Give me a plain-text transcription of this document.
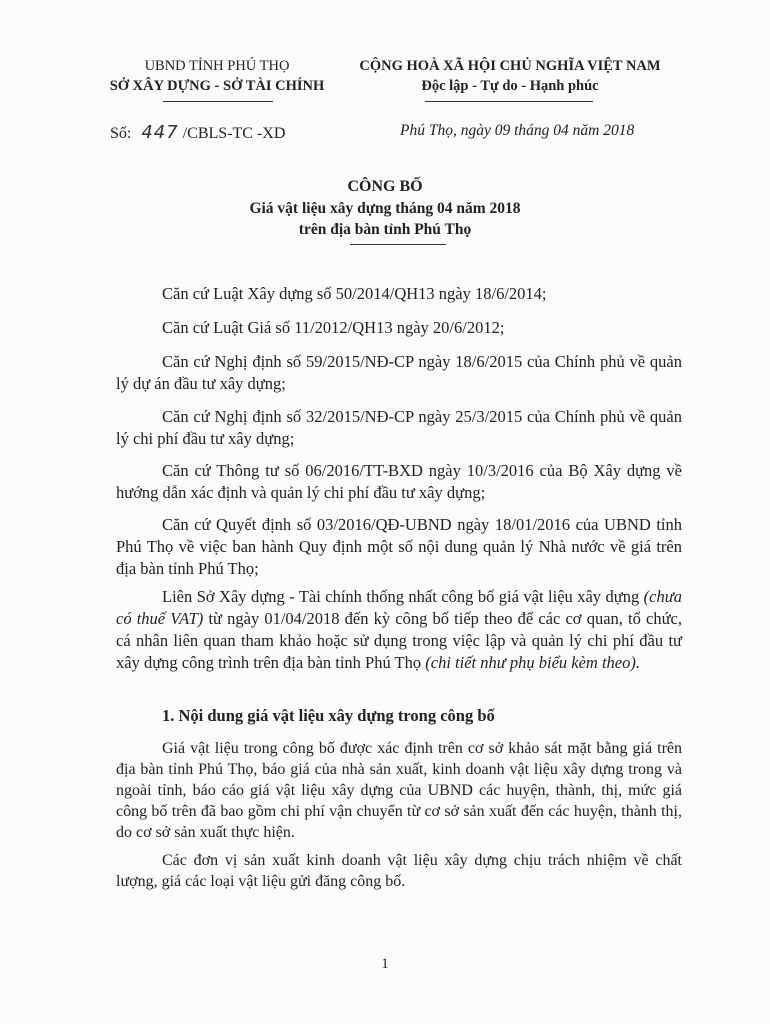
UBND TỈNH PHÚ THỌ
SỞ XÂY DỰNG - SỞ TÀI CHÍNH
CỘNG HOÀ XÃ HỘI CHỦ NGHĨA VIỆT NAM
Độc lập - Tự do - Hạnh phúc
Số: 447 /CBLS-TC -XD	Phú Thọ, ngày 09 tháng 04 năm 2018
CÔNG BỐ
Giá vật liệu xây dựng tháng 04 năm 2018
trên địa bàn tỉnh Phú Thọ

Căn cứ Luật Xây dựng số 50/2014/QH13 ngày 18/6/2014;

Căn cứ Luật Giá số 11/2012/QH13 ngày 20/6/2012;

Căn cứ Nghị định số 59/2015/NĐ-CP ngày 18/6/2015 của Chính phủ về quản lý dự án đầu tư xây dựng;

Căn cứ Nghị định số 32/2015/NĐ-CP ngày 25/3/2015 của Chính phủ về quản lý chi phí đầu tư xây dựng;

Căn cứ Thông tư số 06/2016/TT-BXD ngày 10/3/2016 của Bộ Xây dựng về hướng dẫn xác định và quản lý chi phí đầu tư xây dựng;

Căn cứ Quyết định số 03/2016/QĐ-UBND ngày 18/01/2016 của UBND tỉnh Phú Thọ về việc ban hành Quy định một số nội dung quản lý Nhà nước về giá trên địa bàn tỉnh Phú Thọ;

Liên Sở Xây dựng - Tài chính thống nhất công bố giá vật liệu xây dựng (chưa có thuế VAT) từ ngày 01/04/2018 đến kỳ công bố tiếp theo để các cơ quan, tổ chức, cá nhân liên quan tham khảo hoặc sử dụng trong việc lập và quản lý chi phí đầu tư xây dựng công trình trên địa bàn tỉnh Phú Thọ (chi tiết như phụ biểu kèm theo).

1. Nội dung giá vật liệu xây dựng trong công bố

Giá vật liệu trong công bố được xác định trên cơ sở khảo sát mặt bằng giá trên địa bàn tỉnh Phú Thọ, báo giá của nhà sản xuất, kinh doanh vật liệu xây dựng trong và ngoài tỉnh, báo cáo giá vật liệu xây dựng của UBND các huyện, thành, thị, mức giá công bố trên đã bao gồm chi phí vận chuyển từ cơ sở sản xuất đến các huyện, thành thị, do cơ sở sản xuất thực hiện.

Các đơn vị sản xuất kinh doanh vật liệu xây dựng chịu trách nhiệm về chất lượng, giá các loại vật liệu gửi đăng công bố.

1
